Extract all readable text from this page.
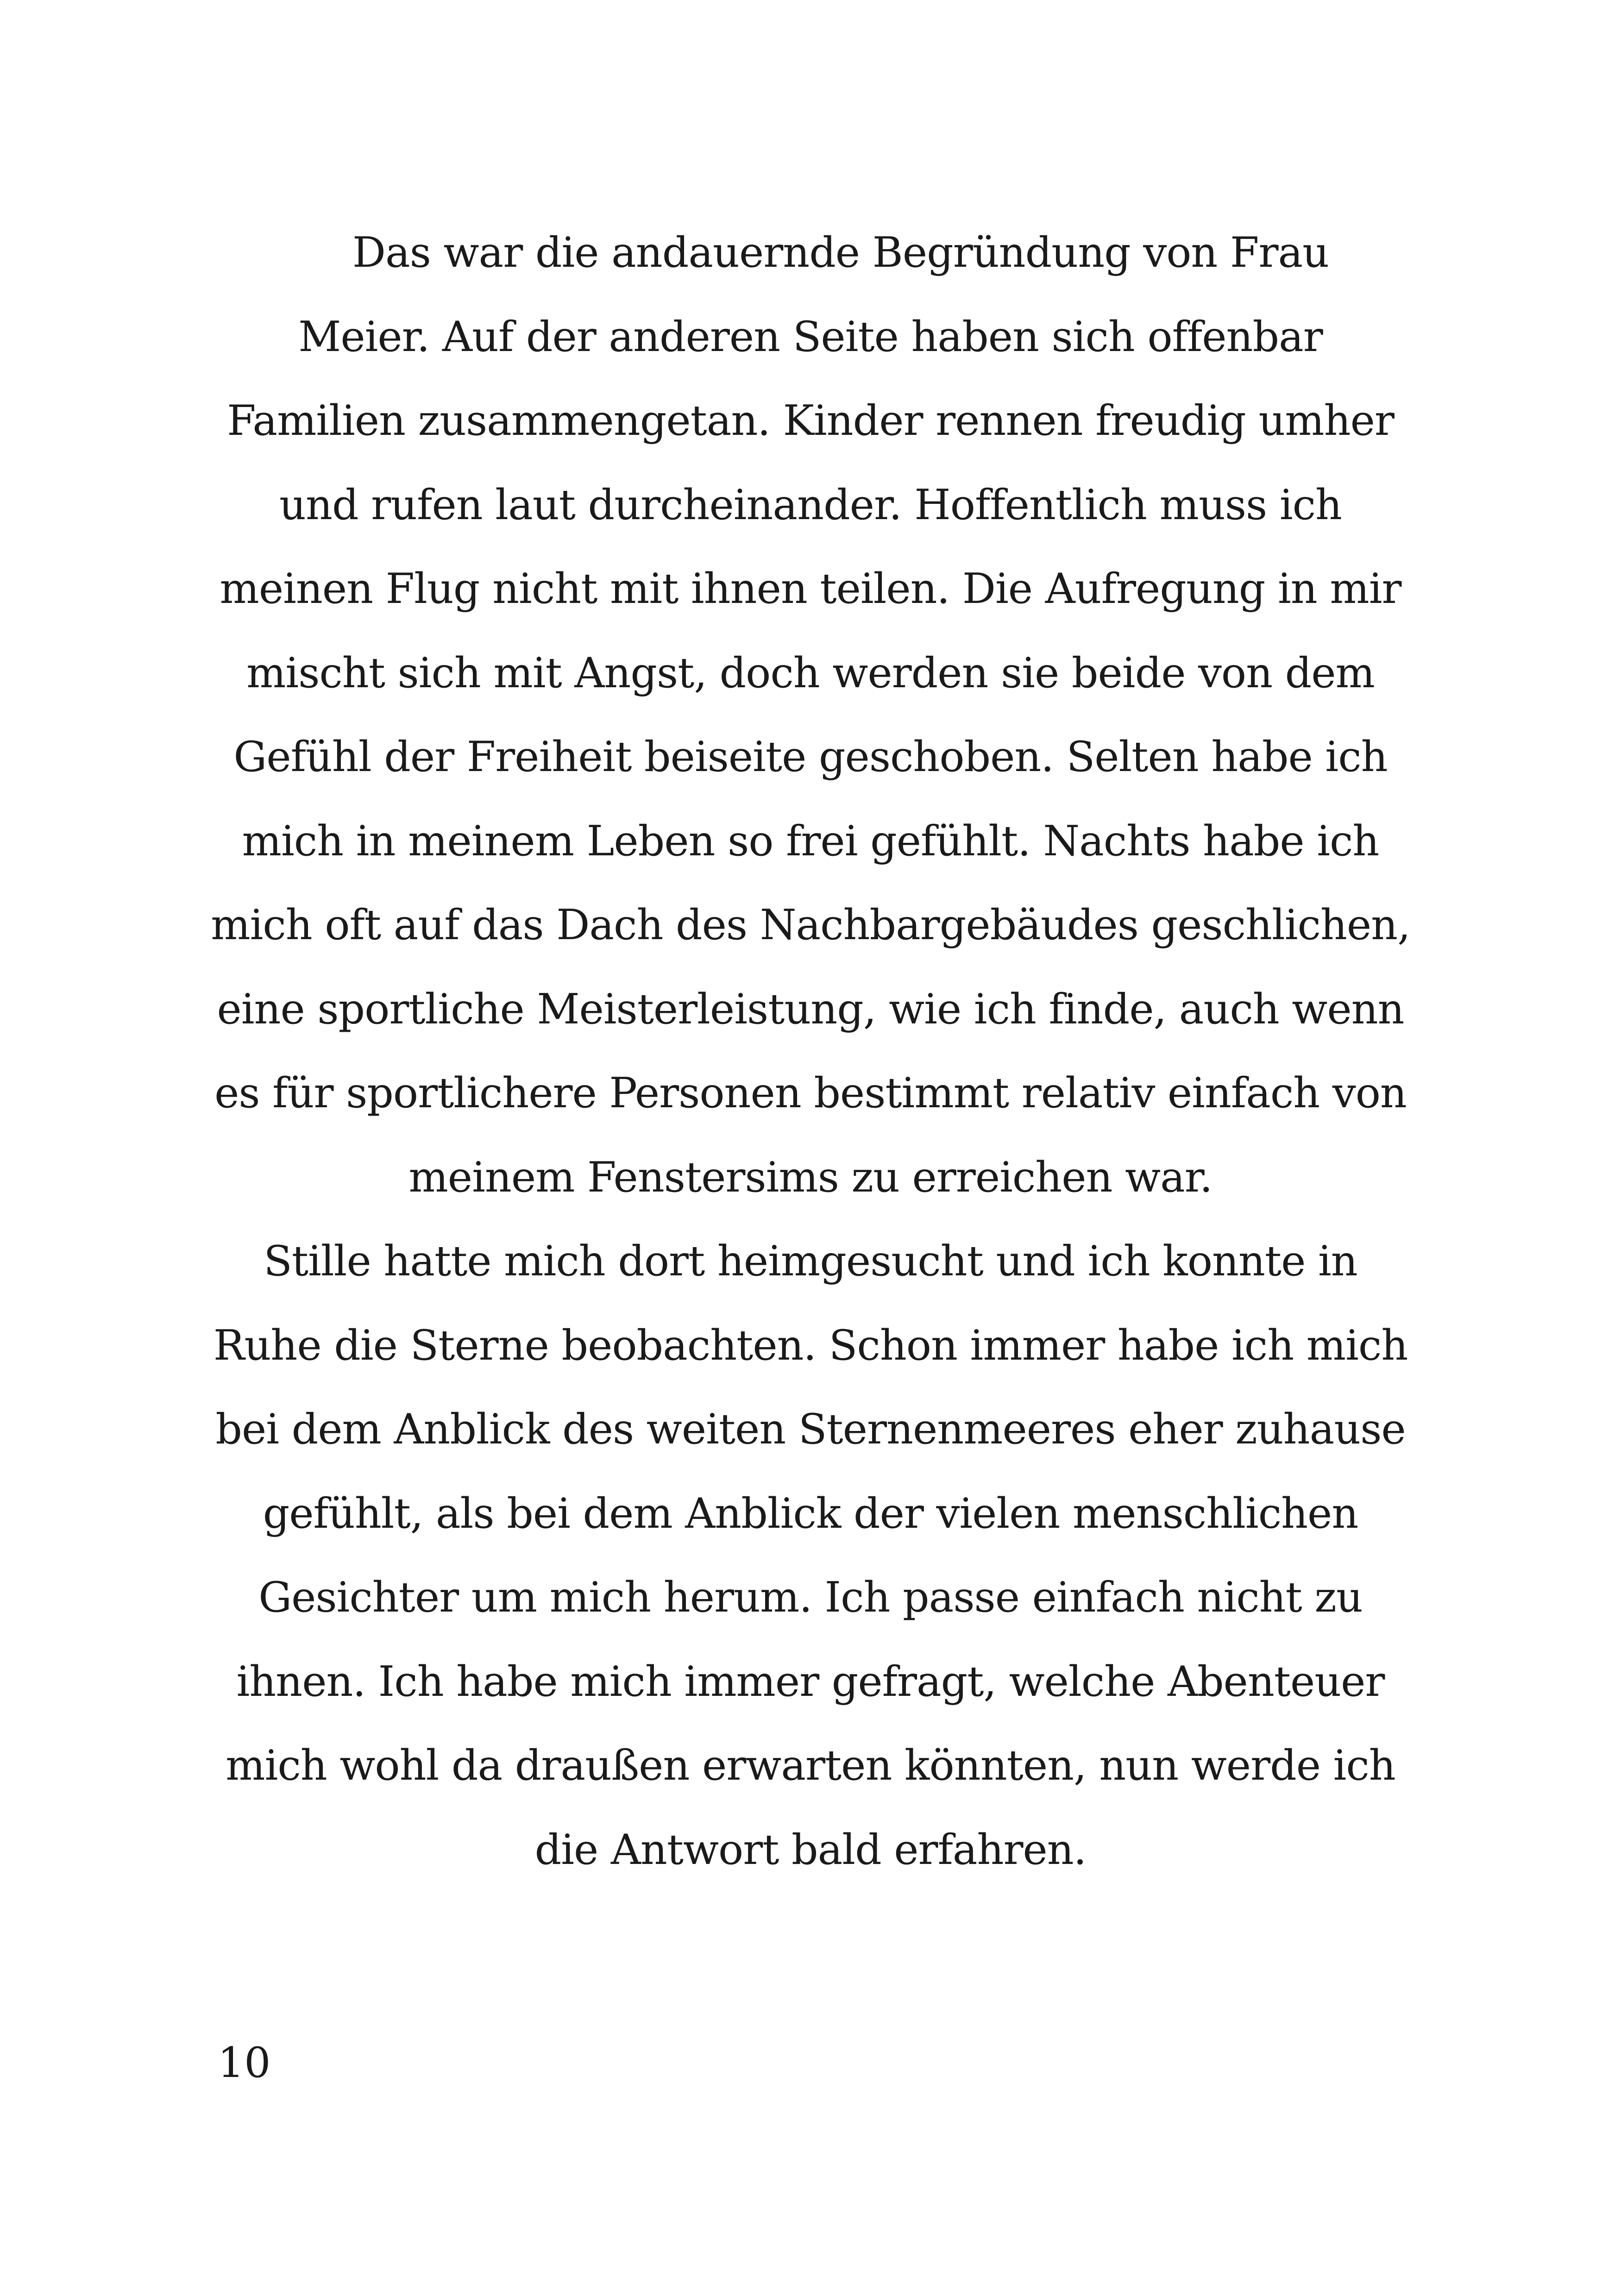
Das war die andauernde Begründung von Frau
Meier. Auf der anderen Seite haben sich offenbar
Familien zusammengetan. Kinder rennen freudig umher
und rufen laut durcheinander. Hoffentlich muss ich
meinen Flug nicht mit ihnen teilen. Die Aufregung in mir
mischt sich mit Angst, doch werden sie beide von dem
Gefühl der Freiheit beiseite geschoben. Selten habe ich
mich in meinem Leben so frei gefühlt. Nachts habe ich
mich oft auf das Dach des Nachbargebäudes geschlichen,
eine sportliche Meisterleistung, wie ich finde, auch wenn
es für sportlichere Personen bestimmt relativ einfach von
meinem Fenstersims zu erreichen war.
Stille hatte mich dort heimgesucht und ich konnte in
Ruhe die Sterne beobachten. Schon immer habe ich mich
bei dem Anblick des weiten Sternenmeeres eher zuhause
gefühlt, als bei dem Anblick der vielen menschlichen
Gesichter um mich herum. Ich passe einfach nicht zu
ihnen. Ich habe mich immer gefragt, welche Abenteuer
mich wohl da draußen erwarten könnten, nun werde ich
die Antwort bald erfahren.
10
